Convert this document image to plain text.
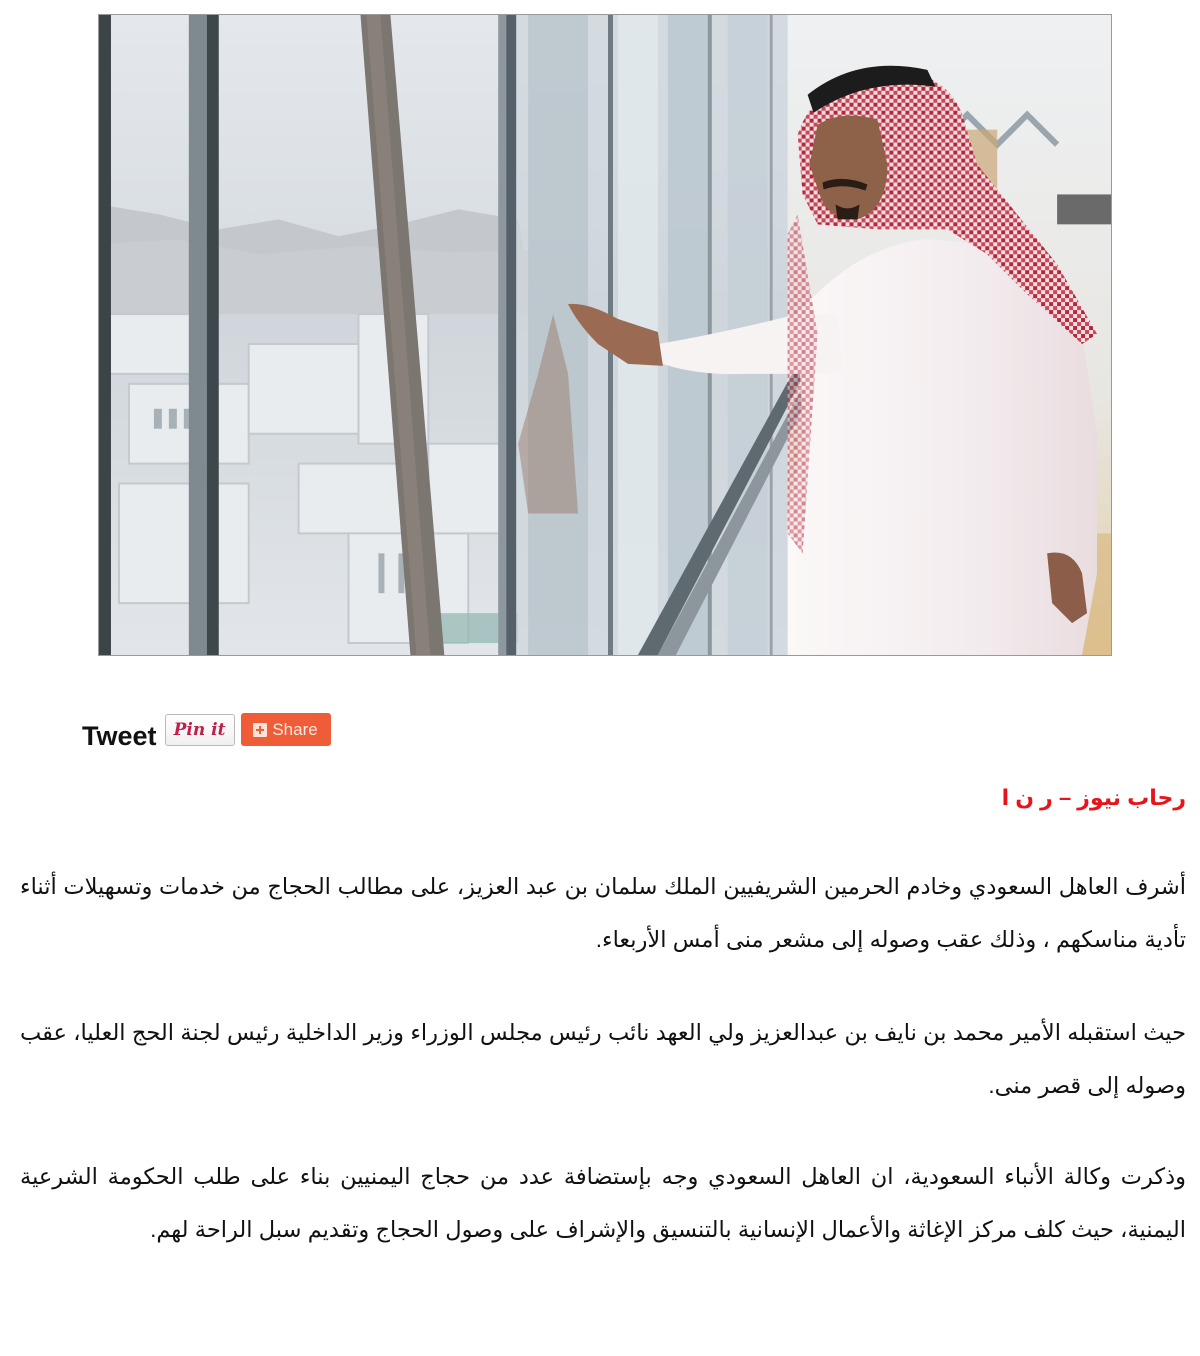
Tweet Pin it	Share

رحاب نيوز – ر ن ا

أشرف العاهل السعودي وخادم الحرمين الشريفيين الملك سلمان بن عبد العزيز، على مطالب الحجاج من خدمات وتسهيلات أثناء تأدية مناسكهم ، وذلك عقب وصوله إلى مشعر منى أمس الأربعاء.

حيث استقبله الأمير محمد بن نايف بن عبدالعزيز ولي العهد نائب رئيس مجلس الوزراء وزير الداخلية رئيس لجنة الحج العليا، عقب وصوله إلى قصر منى.

وذكرت وكالة الأنباء السعودية، ان العاهل السعودي وجه بإستضافة عدد من حجاج اليمنيين بناء على طلب الحكومة الشرعية اليمنية، حيث كلف مركز الإغاثة والأعمال الإنسانية بالتنسيق والإشراف على وصول الحجاج وتقديم سبل الراحة لهم.
